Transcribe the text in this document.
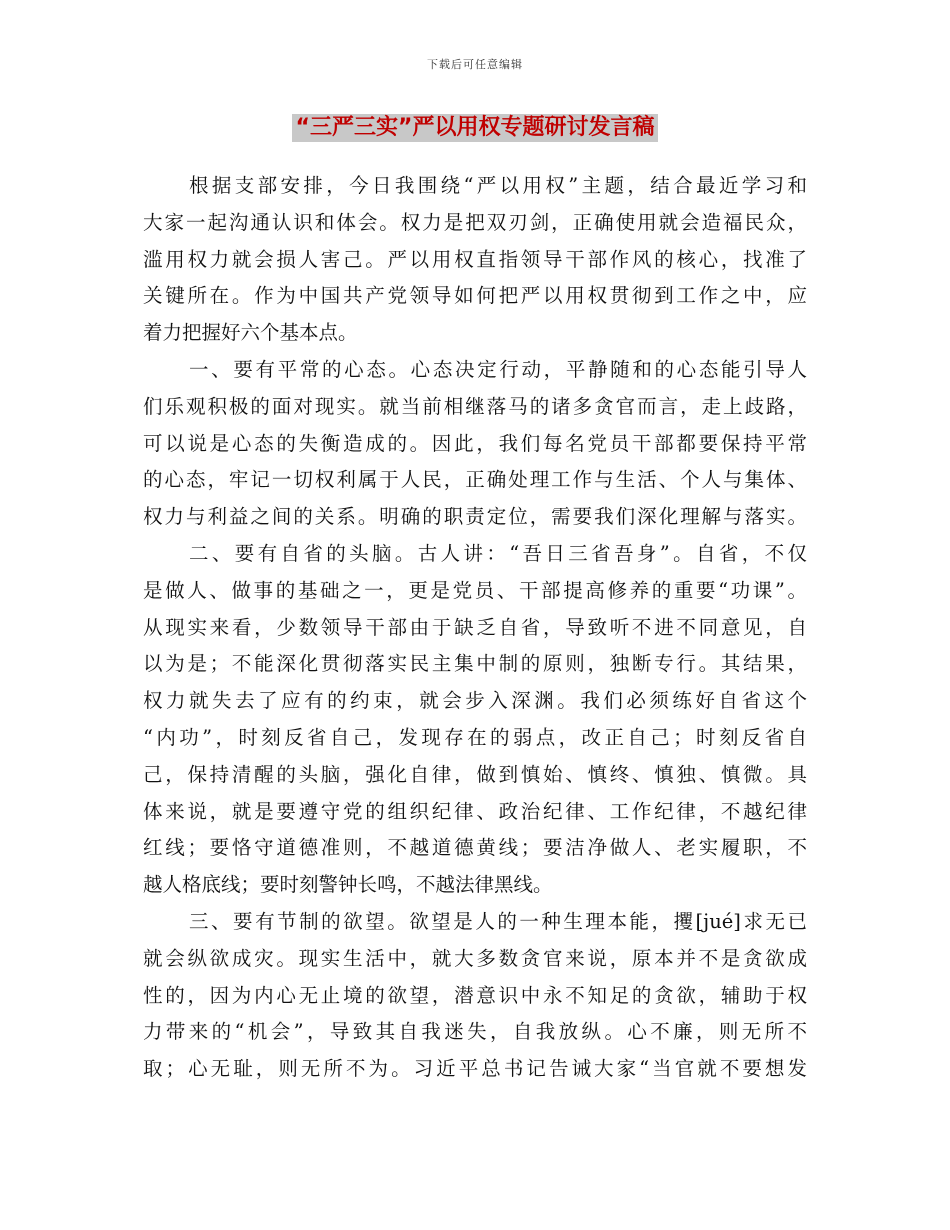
下载后可任意编辑
“三严三实”严以用权专题研讨发言稿
根据支部安排，今日我围绕“严以用权”主题，结合最近学习和
大家一起沟通认识和体会。权力是把双刃剑，正确使用就会造福民众，
滥用权力就会损人害己。严以用权直指领导干部作风的核心，找准了
关键所在。作为中国共产党领导如何把严以用权贯彻到工作之中，应
着力把握好六个基本点。
一、要有平常的心态。心态决定行动，平静随和的心态能引导人
们乐观积极的面对现实。就当前相继落马的诸多贪官而言，走上歧路，
可以说是心态的失衡造成的。因此，我们每名党员干部都要保持平常
的心态，牢记一切权利属于人民，正确处理工作与生活、个人与集体、
权力与利益之间的关系。明确的职责定位，需要我们深化理解与落实。
二、要有自省的头脑。古人讲：“吾日三省吾身”。自省，不仅
是做人、做事的基础之一，更是党员、干部提高修养的重要“功课”。
从现实来看，少数领导干部由于缺乏自省，导致听不进不同意见，自
以为是；不能深化贯彻落实民主集中制的原则，独断专行。其结果，
权力就失去了应有的约束，就会步入深渊。我们必须练好自省这个
“内功”，时刻反省自己，发现存在的弱点，改正自己；时刻反省自
己，保持清醒的头脑，强化自律，做到慎始、慎终、慎独、慎微。具
体来说，就是要遵守党的组织纪律、政治纪律、工作纪律，不越纪律
红线；要恪守道德准则，不越道德黄线；要洁净做人、老实履职，不
越人格底线；要时刻警钟长鸣，不越法律黑线。
三、要有节制的欲望。欲望是人的一种生理本能，攫[jué]求无已
就会纵欲成灾。现实生活中，就大多数贪官来说，原本并不是贪欲成
性的，因为内心无止境的欲望，潜意识中永不知足的贪欲，辅助于权
力带来的“机会”，导致其自我迷失，自我放纵。心不廉，则无所不
取；心无耻，则无所不为。习近平总书记告诫大家“当官就不要想发
